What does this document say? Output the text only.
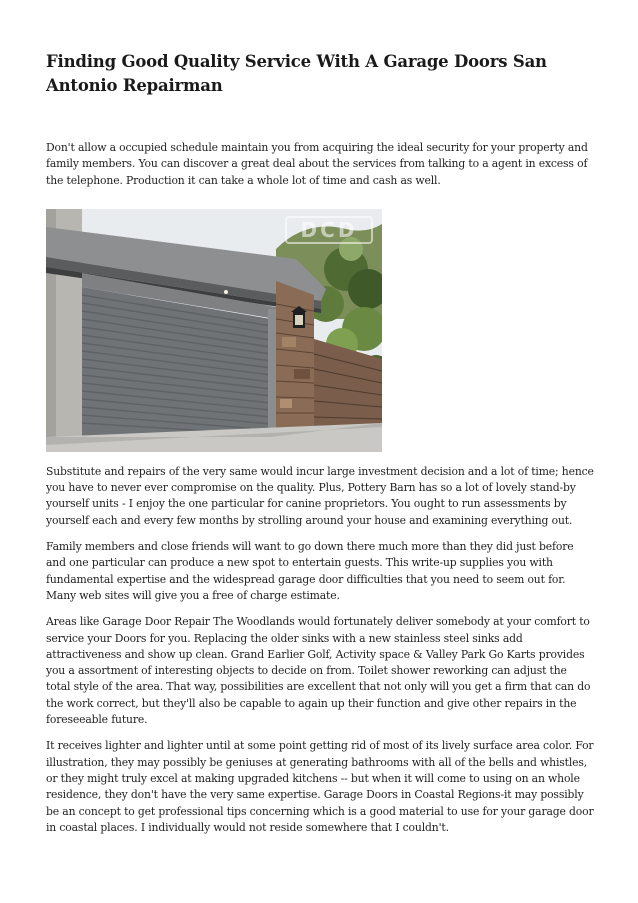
Finding Good Quality Service With A Garage Doors San Antonio Repairman

Don't allow a occupied schedule maintain you from acquiring the ideal security for your property and family members. You can discover a great deal about the services from talking to a agent in excess of the telephone. Production it can take a whole lot of time and cash as well.

DCD

Substitute and repairs of the very same would incur large investment decision and a lot of time; hence you have to never ever compromise on the quality. Plus, Pottery Barn has so a lot of lovely stand-by yourself units - I enjoy the one particular for canine proprietors. You ought to run assessments by yourself each and every few months by strolling around your house and examining everything out.

Family members and close friends will want to go down there much more than they did just before and one particular can produce a new spot to entertain guests. This write-up supplies you with fundamental expertise and the widespread garage door difficulties that you need to seem out for. Many web sites will give you a free of charge estimate.

Areas like Garage Door Repair The Woodlands would fortunately deliver somebody at your comfort to service your Doors for you. Replacing the older sinks with a new stainless steel sinks add attractiveness and show up clean. Grand Earlier Golf, Activity space & Valley Park Go Karts provides you a assortment of interesting objects to decide on from. Toilet shower reworking can adjust the total style of the area. That way, possibilities are excellent that not only will you get a firm that can do the work correct, but they'll also be capable to again up their function and give other repairs in the foreseeable future.

It receives lighter and lighter until at some point getting rid of most of its lively surface area color. For illustration, they may possibly be geniuses at generating bathrooms with all of the bells and whistles, or they might truly excel at making upgraded kitchens -- but when it will come to using on an whole residence, they don't have the very same expertise. Garage Doors in Coastal Regions-it may possibly be an concept to get professional tips concerning which is a good material to use for your garage door in coastal places. I individually would not reside somewhere that I couldn't.
